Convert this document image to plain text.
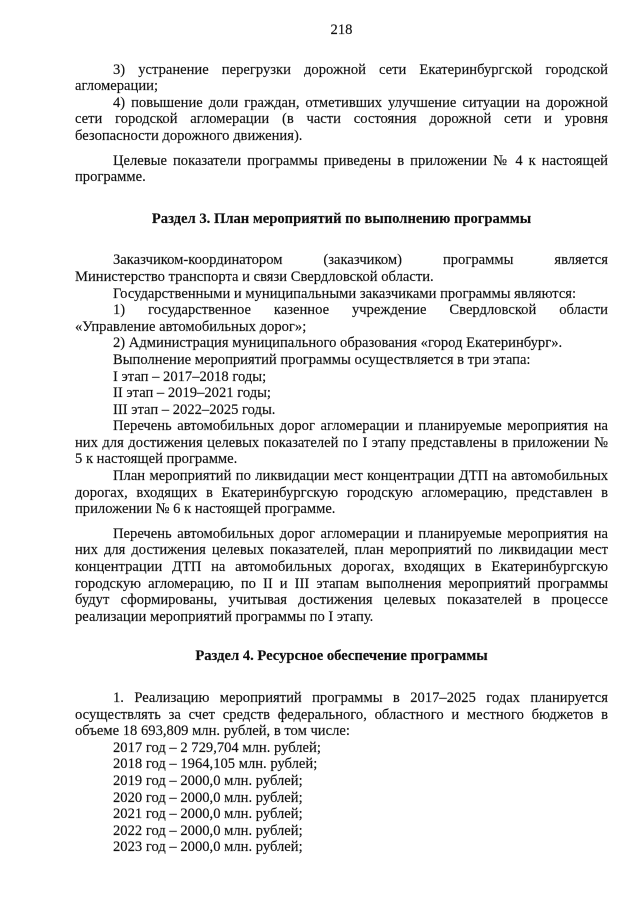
218

3) устранение перегрузки дорожной сети Екатеринбургской городской

агломерации;

4) повышение доли граждан, отметивших улучшение ситуации на дорожной сети городской агломерации (в части состояния дорожной сети и уровня безопасности дорожного движения).

Целевые показатели программы приведены в приложении № 4 к настоящей программе.

Раздел 3. План мероприятий по выполнению программы

Заказчиком-координатором (заказчиком) программы является

Министерство транспорта и связи Свердловской области.

Государственными и муниципальными заказчиками программы являются:

1) государственное казенное учреждение Свердловской области

«Управление автомобильных дорог»;

2) Администрация муниципального образования «город Екатеринбург».

Выполнение мероприятий программы осуществляется в три этапа:

I этап – 2017–2018 годы;

II этап – 2019–2021 годы;

III этап – 2022–2025 годы.

Перечень автомобильных дорог агломерации и планируемые мероприятия на них для достижения целевых показателей по I этапу представлены в приложении № 5 к настоящей программе.

План мероприятий по ликвидации мест концентрации ДТП на автомобильных дорогах, входящих в Екатеринбургскую городскую агломерацию, представлен в приложении № 6 к настоящей программе.

Перечень автомобильных дорог агломерации и планируемые мероприятия на них для достижения целевых показателей, план мероприятий по ликвидации мест концентрации ДТП на автомобильных дорогах, входящих в Екатеринбургскую городскую агломерацию, по II и III этапам выполнения мероприятий программы будут сформированы, учитывая достижения целевых показателей в процессе реализации мероприятий программы по I этапу.

Раздел 4. Ресурсное обеспечение программы

1. Реализацию мероприятий программы в 2017–2025 годах планируется осуществлять за счет средств федерального, областного и местного бюджетов в объеме 18 693,809 млн. рублей, в том числе:

2017 год – 2 729,704 млн. рублей;

2018 год – 1964,105 млн. рублей;

2019 год – 2000,0 млн. рублей;

2020 год – 2000,0 млн. рублей;

2021 год – 2000,0 млн. рублей;

2022 год – 2000,0 млн. рублей;

2023 год – 2000,0 млн. рублей;
